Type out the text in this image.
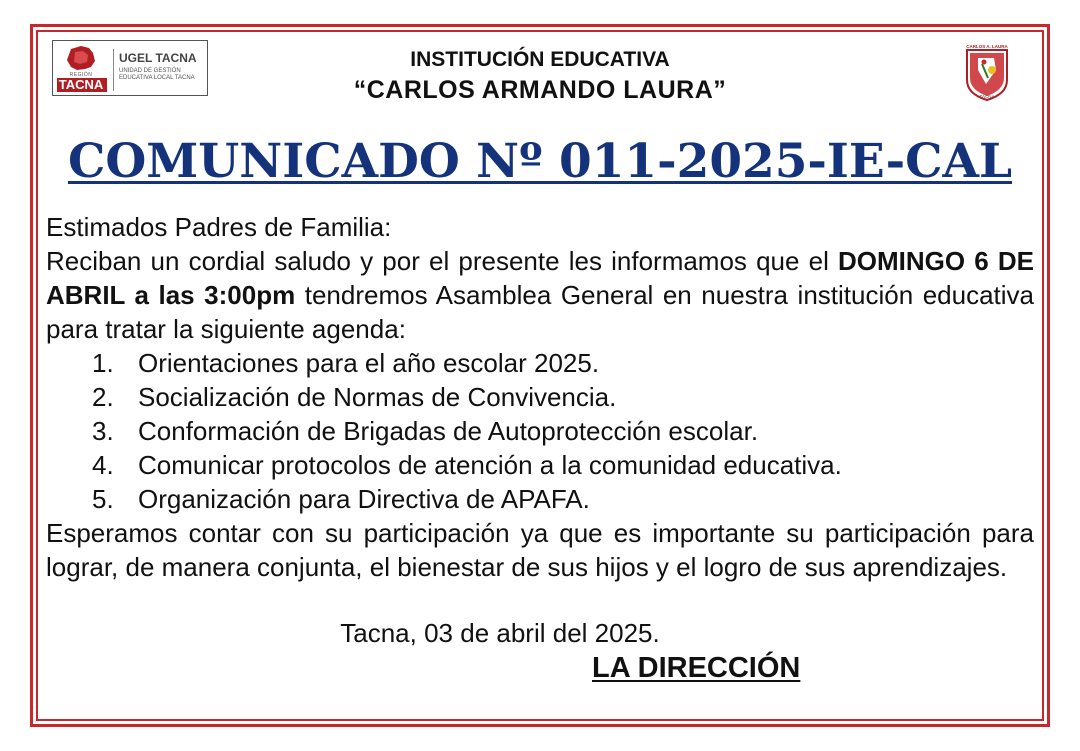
REGIÓN
TACNA
UGEL TACNA
UNIDAD DE GESTIÓN
EDUCATIVA LOCAL TACNA
CARLOS A. LAURA
TACNA
INSTITUCIÓN EDUCATIVA
“CARLOS ARMANDO LAURA”
COMUNICADO Nº 011-2025-IE-CAL

Estimados Padres de Familia:

Reciban un cordial saludo y por el presente les informamos que el DOMINGO 6 DE ABRIL a las 3:00pm tendremos Asamblea General en nuestra institución educativa para tratar la siguiente agenda:

1. Orientaciones para el año escolar 2025.
2. Socialización de Normas de Convivencia.
3. Conformación de Brigadas de Autoprotección escolar.
4. Comunicar protocolos de atención a la comunidad educativa.
5. Organización para Directiva de APAFA.

Esperamos contar con su participación ya que es importante su participación para lograr, de manera conjunta, el bienestar de sus hijos y el logro de sus aprendizajes.

Tacna, 03 de abril del 2025.
LA DIRECCIÓN
